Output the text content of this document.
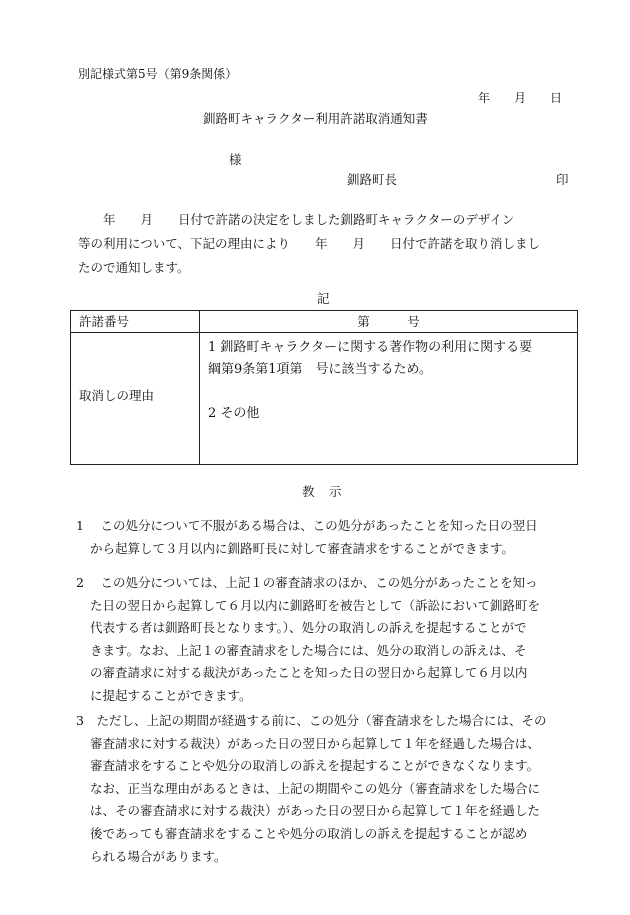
別記様式第5号（第9条関係）
年　　月　　日
釧路町キャラクター利用許諾取消通知書
様
釧路町長	印
　　年　　月　　日付で許諾の決定をしました釧路町キャラクターのデザイン
等の利用について、下記の理由により　　年　　月　　日付で許諾を取り消しまし
たので通知します。
記
許諾番号	第　　　号
取消しの理由	1 釧路町キャラクターに関する著作物の利用に関する要
綱第9条第1項第　号に該当するため。
2 その他
教　示
1　 この処分について不服がある場合は、この処分があったことを知った日の翌日
から起算して３月以内に釧路町長に対して審査請求をすることができます。
2　 この処分については、上記１の審査請求のほか、この処分があったことを知っ
た日の翌日から起算して６月以内に釧路町を被告として（訴訟において釧路町を
代表する者は釧路町長となります。）、処分の取消しの訴えを提起することがで
きます。なお、上記１の審査請求をした場合には、処分の取消しの訴えは、そ
の審査請求に対する裁決があったことを知った日の翌日から起算して６月以内
に提起することができます。
3　 ただし、上記の期間が経過する前に、この処分（審査請求をした場合には、その
審査請求に対する裁決）があった日の翌日から起算して１年を経過した場合は、
審査請求をすることや処分の取消しの訴えを提起することができなくなります。
なお、正当な理由があるときは、上記の期間やこの処分（審査請求をした場合に
は、その審査請求に対する裁決）があった日の翌日から起算して１年を経過した
後であっても審査請求をすることや処分の取消しの訴えを提起することが認め
られる場合があります。
